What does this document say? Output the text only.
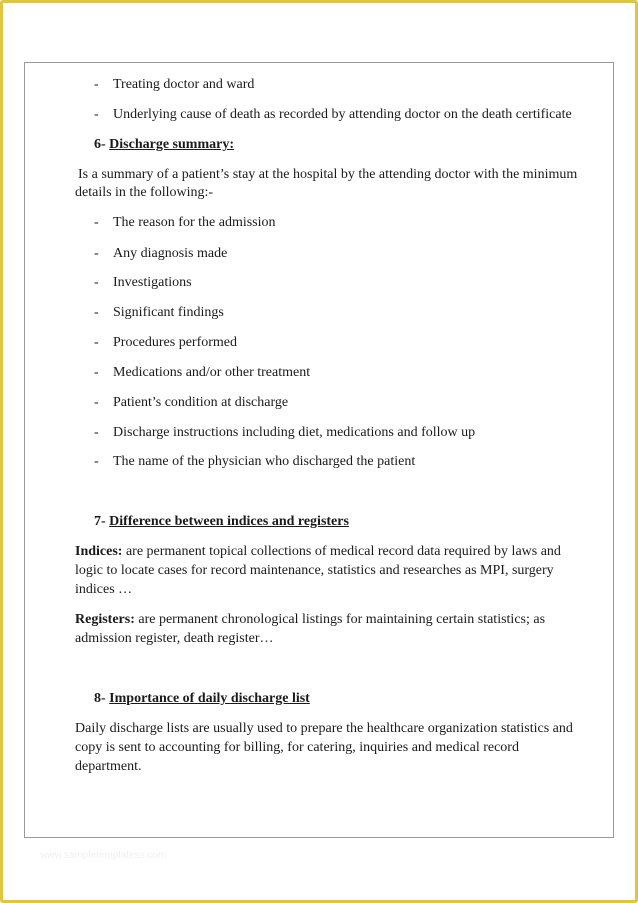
- Treating doctor and ward
- Underlying cause of death as recorded by attending doctor on the death certificate
6- Discharge summary:
Is a summary of a patient’s stay at the hospital by the attending doctor with the minimum
details in the following:-
- The reason for the admission
- Any diagnosis made
- Investigations
- Significant findings
- Procedures performed
- Medications and/or other treatment
- Patient’s condition at discharge
- Discharge instructions including diet, medications and follow up
- The name of the physician who discharged the patient
7- Difference between indices and registers
Indices: are permanent topical collections of medical record data required by laws and
logic to locate cases for record maintenance, statistics and researches as MPI, surgery
indices …
Registers: are permanent chronological listings for maintaining certain statistics; as
admission register, death register…
8- Importance of daily discharge list
Daily discharge lists are usually used to prepare the healthcare organization statistics and
copy is sent to accounting for billing, for catering, inquiries and medical record
department.
www.sampletemplatess.com
